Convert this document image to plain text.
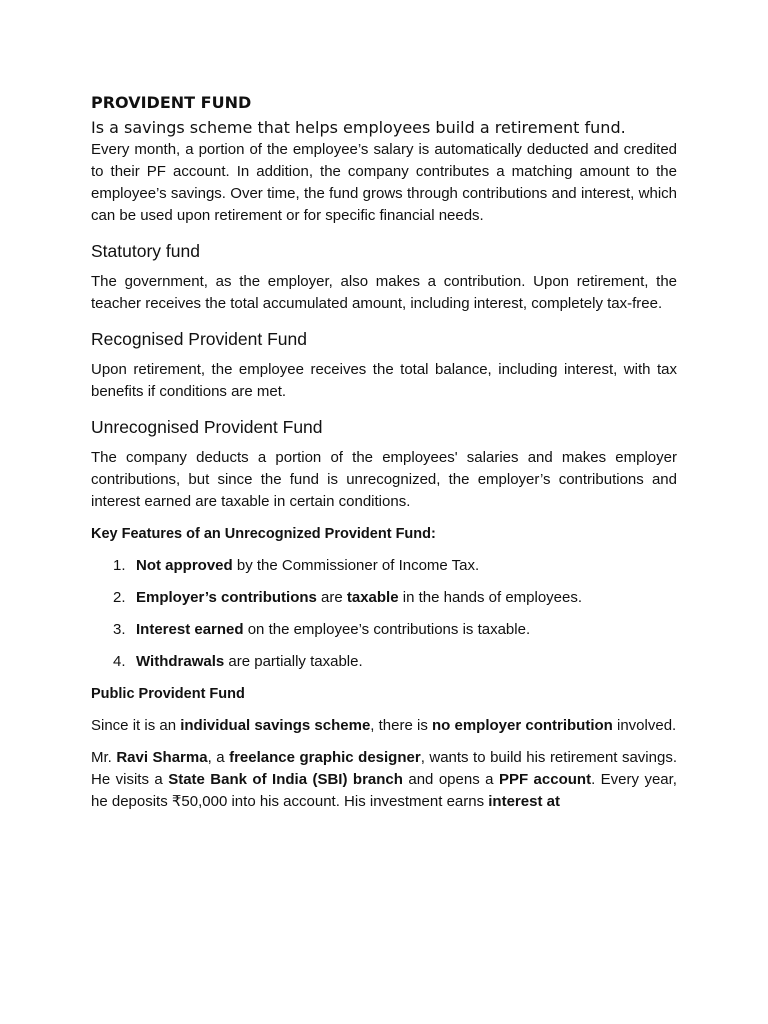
PROVIDENT FUND
Is a savings scheme that helps employees build a retirement fund.

Every month, a portion of the employee’s salary is automatically deducted and credited to their PF account. In addition, the company contributes a matching amount to the employee’s savings. Over time, the fund grows through contributions and interest, which can be used upon retirement or for specific financial needs.

Statutory fund

The government, as the employer, also makes a contribution. Upon retirement, the teacher receives the total accumulated amount, including interest, completely tax-free.

Recognised Provident Fund

Upon retirement, the employee receives the total balance, including interest, with tax benefits if conditions are met.

Unrecognised Provident Fund

The company deducts a portion of the employees' salaries and makes employer contributions, but since the fund is unrecognized, the employer’s contributions and interest earned are taxable in certain conditions.

Key Features of an Unrecognized Provident Fund:
1. Not approved by the Commissioner of Income Tax.
2. Employer’s contributions are taxable in the hands of employees.
3. Interest earned on the employee’s contributions is taxable.
4. Withdrawals are partially taxable.
Public Provident Fund

Since it is an individual savings scheme, there is no employer contribution involved.

Mr. Ravi Sharma, a freelance graphic designer, wants to build his retirement savings. He visits a State Bank of India (SBI) branch and opens a PPF account. Every year, he deposits ₹50,000 into his account. His investment earns interest at
